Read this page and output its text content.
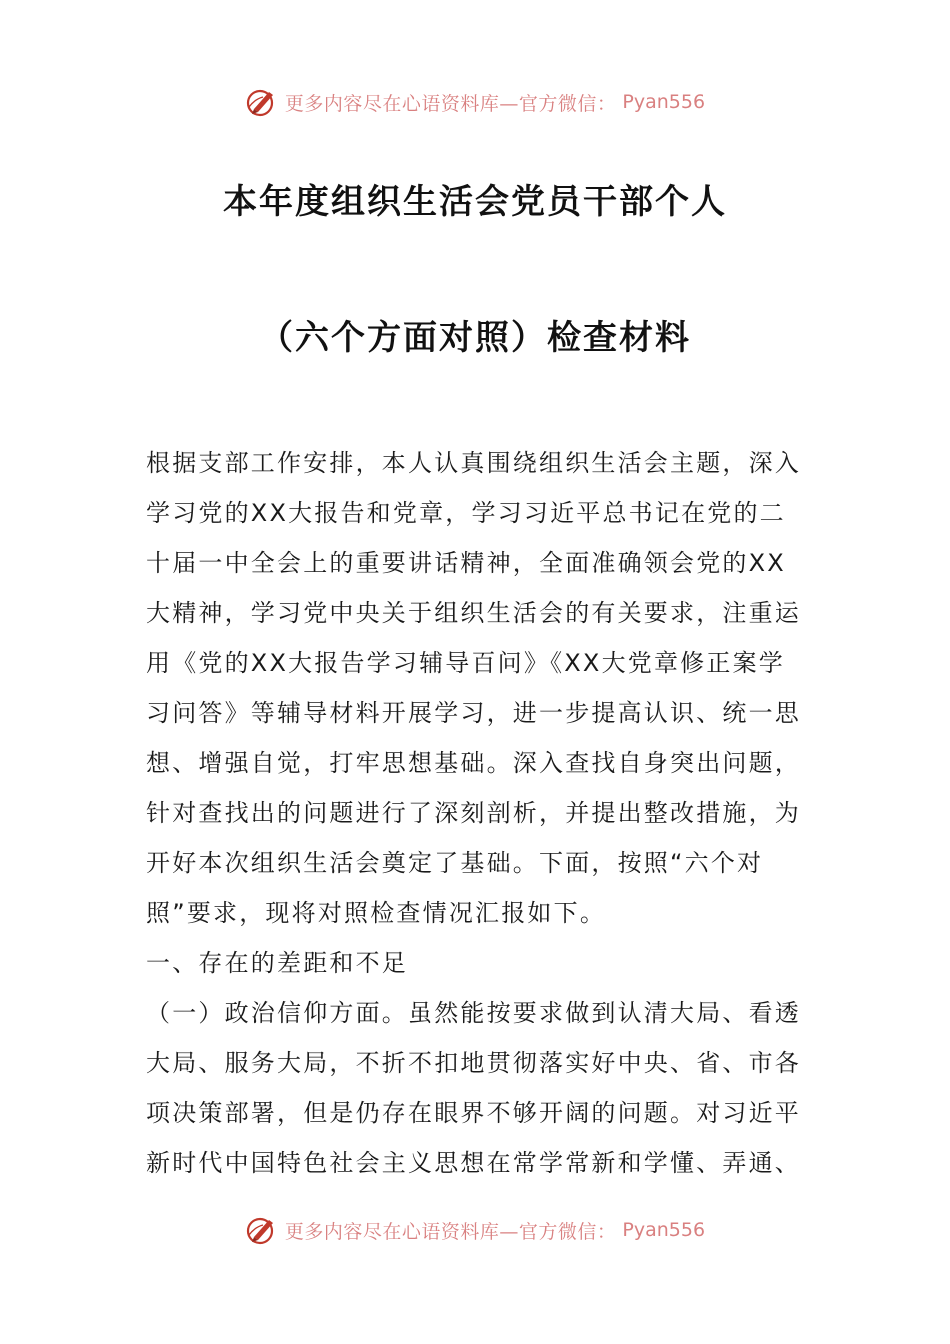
更多内容尽在心语资料库—官方微信： Pyan556
本年度组织生活会党员干部个人
（六个方面对照）检查材料

根据支部工作安排，本人认真围绕组织生活会主题，深入学习党的XX大报告和党章，学习习近平总书记在党的二十届一中全会上的重要讲话精神，全面准确领会党的XX大精神，学习党中央关于组织生活会的有关要求，注重运用《党的XX大报告学习辅导百问》《XX大党章修正案学习问答》等辅导材料开展学习，进一步提高认识、统一思想、增强自觉，打牢思想基础。深入查找自身突出问题，针对查找出的问题进行了深刻剖析，并提出整改措施，为开好本次组织生活会奠定了基础。下面，按照“六个对照”要求，现将对照检查情况汇报如下。

一、存在的差距和不足

（一）政治信仰方面。虽然能按要求做到认清大局、看透大局、服务大局，不折不扣地贯彻落实好中央、省、市各项决策部署，但是仍存在眼界不够开阔的问题。对习近平新时代中国特色社会主义思想在常学常新和学懂、弄通、

更多内容尽在心语资料库—官方微信： Pyan556
